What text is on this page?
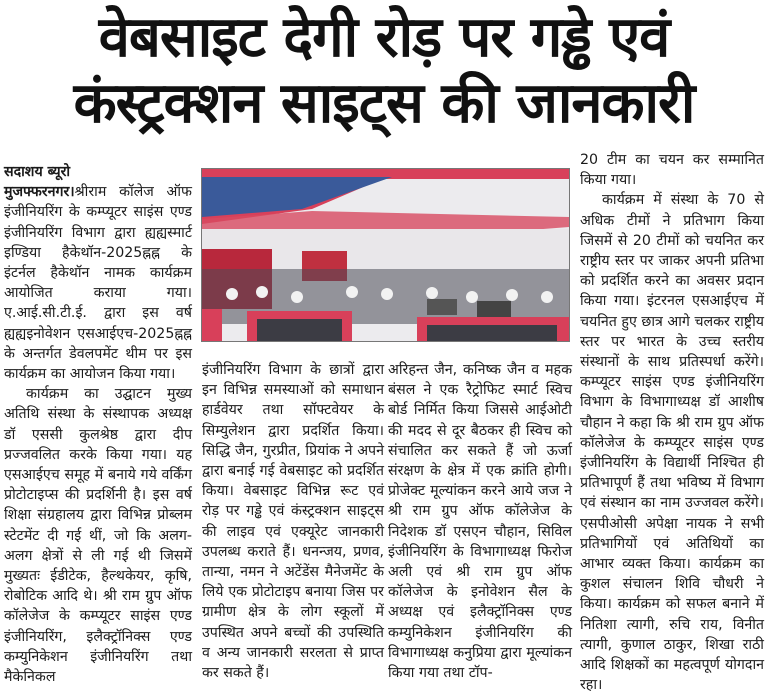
वेबसाइट देगी रोड़ पर गड्ढे एवं
कंस्ट्रक्शन साइट्स की जानकारी
सदाशय ब्यूरो

मुजफ्फरनगर।श्रीराम कॉलेज ऑफ इंजीनियरिंग के कम्प्यूटर साइंस एण्ड इंजीनियरिंग विभाग द्वारा ह्यह्यस्मार्ट इण्डिया हैकेथॉन-2025ह्नह्न के इंटर्नल हैकेथॉन नामक कार्यक्रम आयोजित कराया गया। ए.आई.सी.टी.ई. द्वारा इस वर्ष ह्यह्यइनोवेशन एसआईएच-2025ह्नह्न के अन्तर्गत डेवलपमेंट थीम पर इस कार्यक्रम का आयोजन किया गया।

कार्यक्रम का उद्घाटन मुख्य अतिथि संस्था के संस्थापक अध्यक्ष डॉ एससी कुलश्रेष्ठ द्वारा दीप प्रज्जवलित करके किया गया। यह एसआईएच समूह में बनाये गये वर्किंग प्रोटोटाइप्स की प्रदर्शिनी है। इस वर्ष शिक्षा संग्रहालय द्वारा विभिन्न प्रोब्लम स्टेटमेंट दी गई थीं, जो कि अलग-अलग क्षेत्रों से ली गई थी जिसमें मुख्यतः ईडीटेक, हैल्थकेयर, कृषि, रोबोटिक आदि थे। श्री राम ग्रुप ऑफ कॉलेजेज के कम्प्यूटर साइंस एण्ड इंजीनियरिंग, इलैक्ट्रॉनिक्स एण्ड कम्युनिकेशन इंजीनियरिंग तथा मैकेनिकल

इंजीनियरिंग विभाग के छात्रों द्वारा इन विभिन्न समस्याओं को समाधान हार्डवेयर तथा सॉफ्टवेयर के सिम्युलेशन द्वारा प्रदर्शित किया। सिद्धि जैन, गुरप्रीत, प्रियांक ने अपने द्वारा बनाई गई वेबसाइट को प्रदर्शित किया। वेबसाइट विभिन्न रूट एवं रोड़ पर गड्ढे एवं कंस्ट्रक्शन साइट्स की लाइव एवं एक्यूरेट जानकारी उपलब्ध कराते हैं। धनन्जय, प्रणव, तान्या, नमन ने अटेंडेंस मैनेजमेंट के लिये एक प्रोटोटाइप बनाया जिस पर ग्रामीण क्षेत्र के लोग स्कूलों में उपस्थित अपने बच्चों की उपस्थिति व अन्य जानकारी सरलता से प्राप्त कर सकते हैं।

अरिहन्त जैन, कनिष्क जैन व महक बंसल ने एक रैट्रोफिट स्मार्ट स्विच बोर्ड निर्मित किया जिससे आईओटी की मदद से दूर बैठकर ही स्विच को संचालित कर सकते हैं जो ऊर्जा संरक्षण के क्षेत्र में एक क्रांति होगी। प्रोजेक्ट मूल्यांकन करने आये जज ने श्री राम ग्रुप ऑफ कॉलेजेज के निदेशक डॉ एसएन चौहान, सिविल इंजीनियरिंग के विभागाध्यक्ष फिरोज अली एवं श्री राम ग्रुप ऑफ कॉलेजेज के इनोवेशन सैल के अध्यक्ष एवं इलैक्ट्रॉनिक्स एण्ड कम्युनिकेशन इंजीनियरिंग की विभागाध्यक्ष कनुप्रिया द्वारा मूल्यांकन किया गया तथा टॉप-

20 टीम का चयन कर सम्मानित किया गया।

कार्यक्रम में संस्था के 70 से अधिक टीमों ने प्रतिभाग किया जिसमें से 20 टीमों को चयनित कर राष्ट्रीय स्तर पर जाकर अपनी प्रतिभा को प्रदर्शित करने का अवसर प्रदान किया गया। इंटरनल एसआईएच में चयनित हुए छात्र आगे चलकर राष्ट्रीय स्तर पर भारत के उच्च स्तरीय संस्थानों के साथ प्रतिस्पर्धा करेंगे। कम्प्यूटर साइंस एण्ड इंजीनियरिंग विभाग के विभागाध्यक्ष डॉ आशीष चौहान ने कहा कि श्री राम ग्रुप ऑफ कॉलेजेज के कम्प्यूटर साइंस एण्ड इंजीनियरिंग के विद्यार्थी निश्चित ही प्रतिभापूर्ण हैं तथा भविष्य में विभाग एवं संस्थान का नाम उज्जवल करेंगे। एसपीओसी अपेक्षा नायक ने सभी प्रतिभागियों एवं अतिथियों का आभार व्यक्त किया। कार्यक्रम का कुशल संचालन शिवि चौधरी ने किया। कार्यक्रम को सफल बनाने में नितिशा त्यागी, रुचि राय, विनीत त्यागी, कुणाल ठाकुर, शिखा राठी आदि शिक्षकों का महत्वपूर्ण योगदान रहा।
